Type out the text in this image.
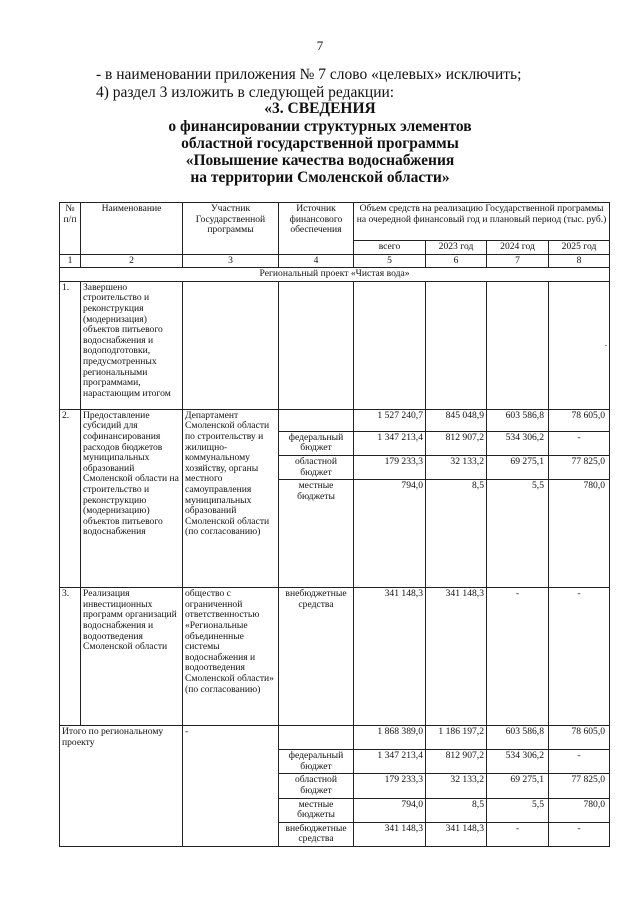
7
- в наименовании приложения № 7 слово «целевых» исключить;
4) раздел 3 изложить в следующей редакции:
«3. СВЕДЕНИЯ
о финансировании структурных элементов
областной государственной программы
«Повышение качества водоснабжения
на территории Смоленской области»
№ п/п	Наименование	Участник Государственной программы	Источник финансового обеспечения	Объем средств на реализацию Государственной программы на очередной финансовый год и плановый период (тыс. руб.)			
				всего	2023 год	2024 год	2025 год
1	2	3	4	5	6	7	8
Региональный проект «Чистая вода»							
1.	Завершено строительство и реконструкция (модернизация) объектов питьевого водоснабжения и водоподготовки, предусмотренных региональными программами, нарастающим итогом						-
2.	Предоставление субсидий для софинансирования расходов бюджетов муниципальных образований Смоленской области на строительство и реконструкцию (модернизацию) объектов питьевого водоснабжения	Департамент Смоленской области по строительству и жилищно-коммунальному хозяйству, органы местного самоуправления муниципальных образований Смоленской области (по согласованию)		1 527 240,7	845 048,9	603 586,8	78 605,0
			федеральный бюджет	1 347 213,4	812 907,2	534 306,2	-
			областной бюджет	179 233,3	32 133,2	69 275,1	77 825,0
			местные бюджеты	794,0	8,5	5,5	780,0
3.	Реализация инвестиционных программ организаций водоснабжения и водоотведения Смоленской области	общество с ограниченной ответственностью «Региональные объединенные системы водоснабжения и водоотведения Смоленской области» (по согласованию)	внебюджетные средства	341 148,3	341 148,3	-	-
Итого по региональному проекту		-		1 868 389,0	1 186 197,2	603 586,8	78 605,0
			федеральный бюджет	1 347 213,4	812 907,2	534 306,2	-
			областной бюджет	179 233,3	32 133,2	69 275,1	77 825,0
			местные бюджеты	794,0	8,5	5,5	780,0
			внебюджетные средства	341 148,3	341 148,3	-	-
